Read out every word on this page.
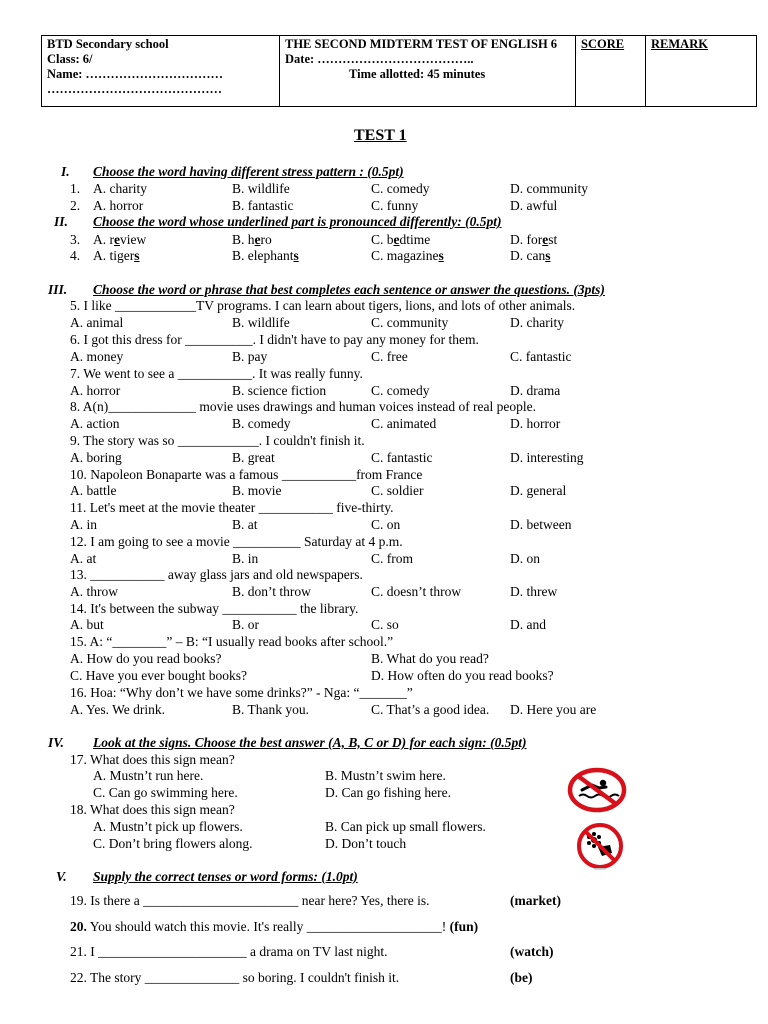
BTD Secondary school
Class: 6/
Name: ……………………………
……………………………………

THE SECOND MIDTERM TEST OF ENGLISH 6
Date: ………………………………..
Time allotted: 45 minutes
	SCORE	REMARK
TEST 1
I. Choose the word having different stress pattern : (0.5pt)
1. A. charity	B. wildlife	C. comedy	D. community
2. A. horror	B. fantastic	C. funny	D. awful
II. Choose the word whose underlined part is pronounced differently: (0.5pt)
3. A. review	B. hero	C. bedtime	D. forest
4. A. tigers	B. elephants	C. magazines	D. cans
III. Choose the word or phrase that best completes each sentence or answer the questions. (3pts)
5. I like ____________TV programs. I can learn about tigers, lions, and lots of other animals.
A. animal	B. wildlife	C. community	D. charity
6. I got this dress for __________. I didn't have to pay any money for them.
A. money	B. pay	C. free	C. fantastic
7. We went to see a ___________. It was really funny.
A. horror	B. science fiction	C. comedy	D. drama
8. A(n)_____________ movie uses drawings and human voices instead of real people.
A. action	B. comedy	C. animated	D. horror
9. The story was so ____________. I couldn't finish it.
A. boring	B. great	C. fantastic	D. interesting
10. Napoleon Bonaparte was a famous ___________from France
A. battle	B. movie	C. soldier	D. general
11. Let's meet at the movie theater ___________ five-thirty.
A. in	B. at	C. on	D. between
12. I am going to see a movie __________ Saturday at 4 p.m.
A. at	B. in	C. from	D. on
13. ___________ away glass jars and old newspapers.
A. throw	B. don’t throw	C. doesn’t throw	D. threw
14. It's between the subway ___________ the library.
A. but	B. or	C. so	D. and
15. A: “________” – B: “I usually read books after school.”
A. How do you read books?	B. What do you read?
C. Have you ever bought books?	D. How often do you read books?
16. Hoa: “Why don’t we have some drinks?” - Nga: “_______”
A. Yes. We drink.	B. Thank you.	C. That’s a good idea. D. Here you are
IV. Look at the signs. Choose the best answer (A, B, C or D) for each sign: (0.5pt)
17. What does this sign mean?
A. Mustn’t run here.	B. Mustn’t swim here.
C. Can go swimming here.	D. Can go fishing here.
18. What does this sign mean?
A. Mustn’t pick up flowers.	B. Can pick up small flowers.
C. Don’t bring flowers along.	D. Don’t touch
V. Supply the correct tenses or word forms: (1.0pt)
19. Is there a _______________________ near here? Yes, there is.	(market)
20. You should watch this movie. It's really ____________________! (fun)
21. I ______________________ a drama on TV last night.	(watch)
22. The story ______________ so boring. I couldn't finish it.	(be)
